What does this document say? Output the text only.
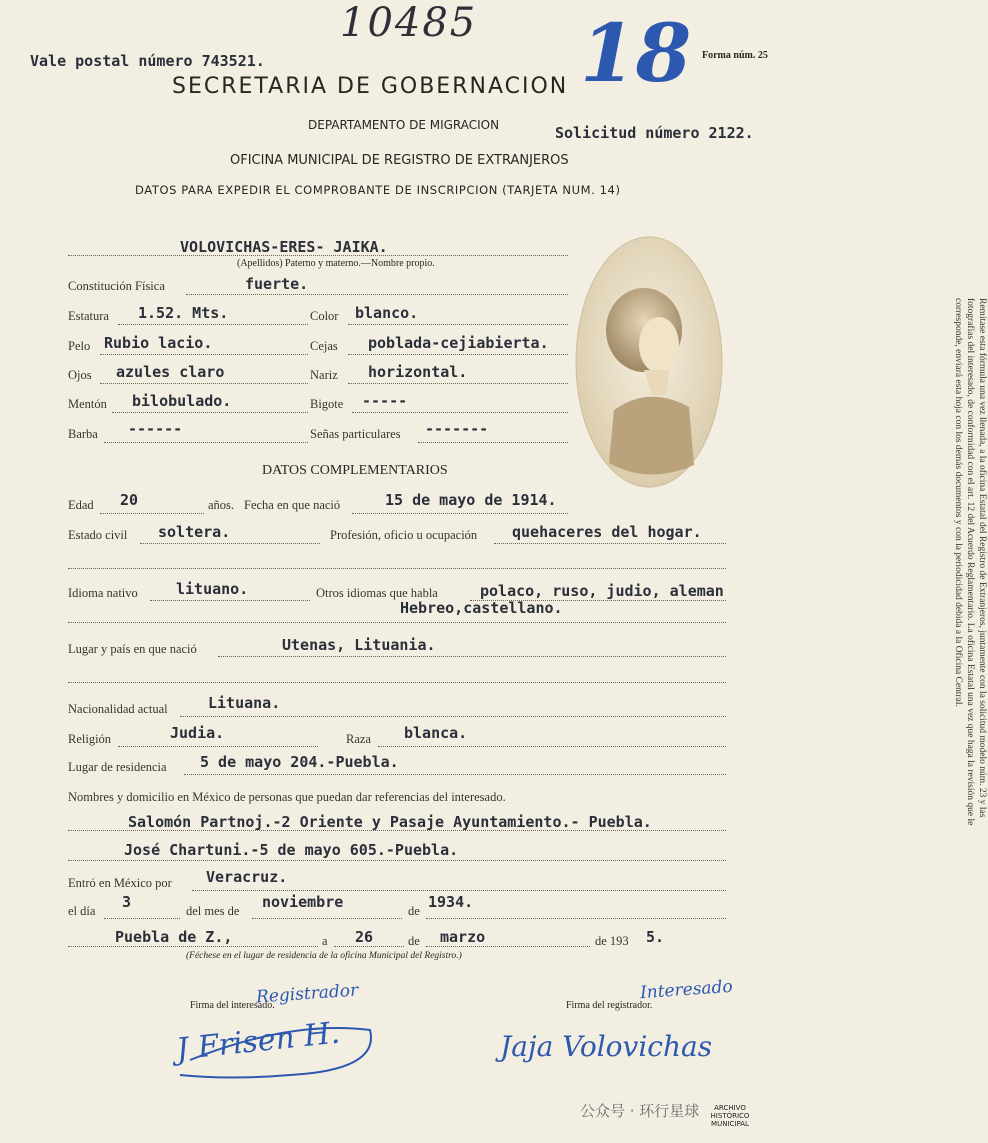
10485 18
Vale postal número 743521.	Forma núm. 25
SECRETARIA DE GOBERNACION
DEPARTAMENTO DE MIGRACION	Solicitud número 2122.
OFICINA MUNICIPAL DE REGISTRO DE EXTRANJEROS
DATOS PARA EXPEDIR EL COMPROBANTE DE INSCRIPCION (TARJETA NUM. 14)
VOLOVICHAS-ERES- JAIKA.
(Apellidos) Paterno y materno.—Nombre propio.
Constitución Física	fuerte.
Estatura 1.52. Mts.	Color blanco.
Pelo Rubio lacio.	Cejas poblada-cejiabierta.
Ojos azules claro	Nariz horizontal.
Mentón bilobulado.	Bigote -----
Barba ------	Señas particulares -------	Remítase esta fórmula una vez llenada, a la oficina Estatal del Registro de Extranjeros, juntamente con la solicitud modelo núm. 23 y las fotografías del interesado, de conformidad con el art. 12 del Acuerdo Reglamentario. La oficina Estatal una vez que haga la revisión que le corresponde, enviará esta hoja con los demás documentos y con la periodicidad debida a la Oficina Central.
DATOS COMPLEMENTARIOS
Edad 20	años. Fecha en que nació	15 de mayo de 1914.
Estado civil soltera.	Profesión, oficio u ocupación quehaceres del hogar.
Idioma nativo	lituano.	Otros idiomas que habla	polaco, ruso, judio, aleman
Hebreo,castellano.
Lugar y país en que nació	Utenas, Lituania.
Nacionalidad actual	Lituana.
Religión	Judia.	Raza blanca.
Lugar de residencia 5 de mayo 204.-Puebla.
Nombres y domicilio en México de personas que puedan dar referencias del interesado.
Salomón Partnoj.-2 Oriente y Pasaje Ayuntamiento.- Puebla.
José Chartuni.-5 de mayo 605.-Puebla.
Entró en México por Veracruz.
el día 3	del mes de noviembre	de 1934.
Puebla de Z.,	a 26	de marzo	de 193 5.
(Féchese en el lugar de residencia de la oficina Municipal del Registro.)
Registrador
Firma del interesado.
Interesado
Firma del registrador.
J Frisen H.	Jaja Volovichas
公众号 · 环行星球	ARCHIVO HISTÓRICO MUNICIPAL
